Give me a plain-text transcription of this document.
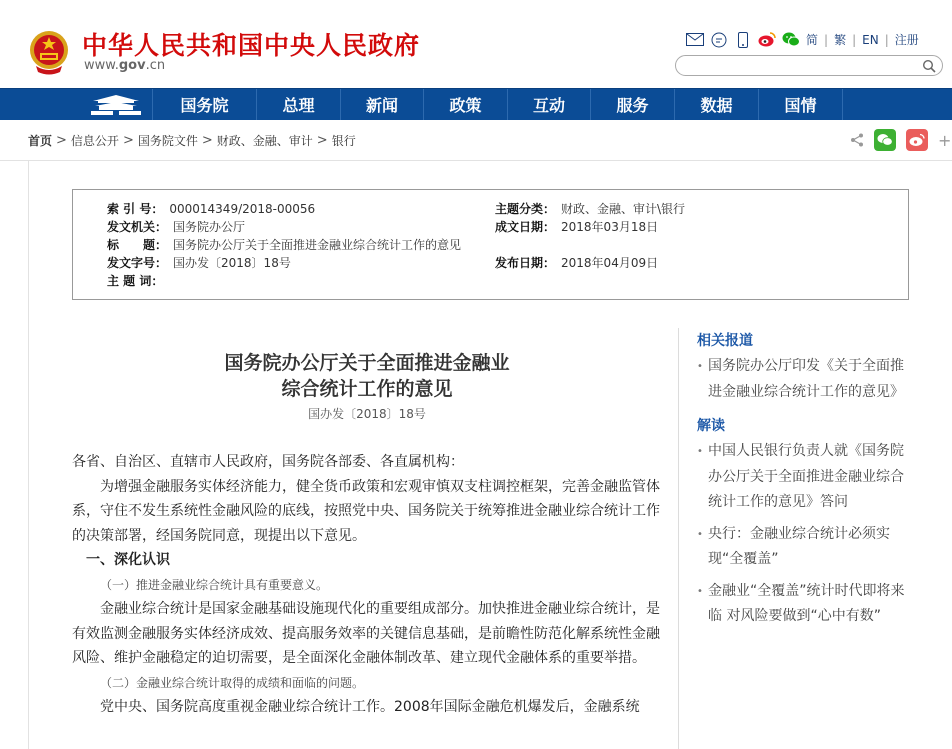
中华人民共和国中央人民政府
www.gov.cn
简 | 繁 | EN | 注册
国务院	总理	新闻	政策	互动	服务	数据	国情
首页 > 信息公开 > 国务院文件 > 财政、金融、审计 > 银行	+
索 引 号： 000014349/2018-00056	主题分类： 财政、金融、审计\银行
发文机关： 国务院办公厅	成文日期： 2018年03月18日
标　　题： 国务院办公厅关于全面推进金融业综合统计工作的意见
发文字号： 国办发〔2018〕18号	发布日期： 2018年04月09日
主 题 词：
国务院办公厅关于全面推进金融业
综合统计工作的意见
国办发〔2018〕18号

各省、自治区、直辖市人民政府，国务院各部委、各直属机构：

为增强金融服务实体经济能力，健全货币政策和宏观审慎双支柱调控框架，完善金融监管体系，守住不发生系统性金融风险的底线，按照党中央、国务院关于统筹推进金融业综合统计工作的决策部署，经国务院同意，现提出以下意见。

一、深化认识

（一）推进金融业综合统计具有重要意义。

金融业综合统计是国家金融基础设施现代化的重要组成部分。加快推进金融业综合统计，是有效监测金融服务实体经济成效、提高服务效率的关键信息基础，是前瞻性防范化解系统性金融风险、维护金融稳定的迫切需要，是全面深化金融体制改革、建立现代金融体系的重要举措。

（二）金融业综合统计取得的成绩和面临的问题。

党中央、国务院高度重视金融业综合统计工作。2008年国际金融危机爆发后，金融系统

相关报道
• 国务院办公厅印发《关于全面推进金融业综合统计工作的意见》
解读
• 中国人民银行负责人就《国务院办公厅关于全面推进金融业综合统计工作的意见》答问
• 央行：金融业综合统计必须实现“全覆盖”
• 金融业“全覆盖”统计时代即将来临 对风险要做到“心中有数”
